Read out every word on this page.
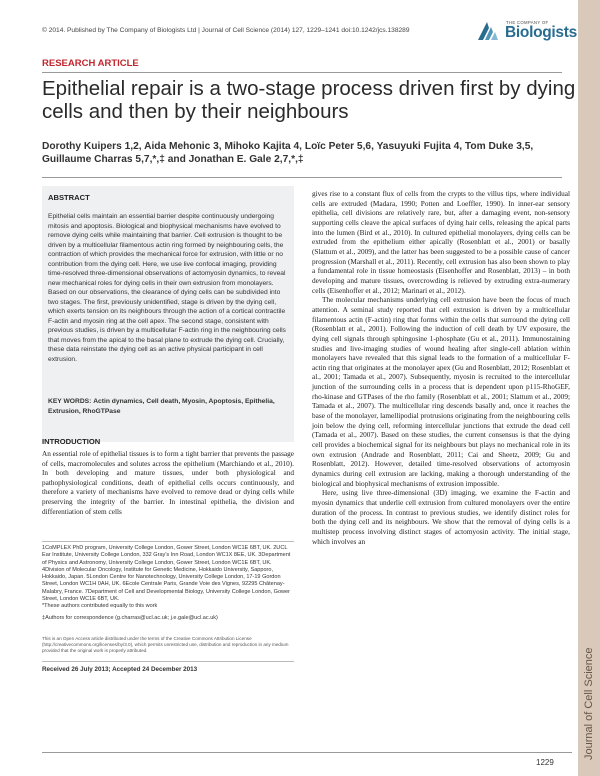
© 2014. Published by The Company of Biologists Ltd | Journal of Cell Science (2014) 127, 1229–1241 doi:10.1242/jcs.138289
THE COMPANY OF
Biologists
RESEARCH ARTICLE
Epithelial repair is a two-stage process driven first by dying cells and then by their neighbours
Dorothy Kuipers 1,2, Aida Mehonic 3, Mihoko Kajita 4, Loïc Peter 5,6, Yasuyuki Fujita 4, Tom Duke 3,5,
Guillaume Charras 5,7,*,‡ and Jonathan E. Gale 2,7,*,‡
ABSTRACT
Epithelial cells maintain an essential barrier despite continuously undergoing mitosis and apoptosis. Biological and biophysical mechanisms have evolved to remove dying cells while maintaining that barrier. Cell extrusion is thought to be driven by a multicellular filamentous actin ring formed by neighbouring cells, the contraction of which provides the mechanical force for extrusion, with little or no contribution from the dying cell. Here, we use live confocal imaging, providing time-resolved three-dimensional observations of actomyosin dynamics, to reveal new mechanical roles for dying cells in their own extrusion from monolayers. Based on our observations, the clearance of dying cells can be subdivided into two stages. The first, previously unidentified, stage is driven by the dying cell, which exerts tension on its neighbours through the action of a cortical contractile F-actin and myosin ring at the cell apex. The second stage, consistent with previous studies, is driven by a multicellular F-actin ring in the neighbouring cells that moves from the apical to the basal plane to extrude the dying cell. Crucially, these data reinstate the dying cell as an active physical participant in cell extrusion.
KEY WORDS: Actin dynamics, Cell death, Myosin, Apoptosis, Epithelia, Extrusion, RhoGTPase
INTRODUCTION
An essential role of epithelial tissues is to form a tight barrier that prevents the passage of cells, macromolecules and solutes across the epithelium (Marchiando et al., 2010). In both developing and mature tissues, under both physiological and pathophysiological conditions, death of epithelial cells occurs continuously, and therefore a variety of mechanisms have evolved to remove dead or dying cells while preserving the integrity of the barrier. In intestinal epithelia, the division and differentiation of stem cells
1CoMPLEX PhD program, University College London, Gower Street, London WC1E 6BT, UK. 2UCL Ear Institute, University College London, 332 Gray's Inn Road, London WC1X 8EE, UK. 3Department of Physics and Astronomy, University College London, Gower Street, London WC1E 6BT, UK. 4Division of Molecular Oncology, Institute for Genetic Medicine, Hokkaido University, Sapporo, Hokkaido, Japan. 5London Centre for Nanotechnology, University College London, 17-19 Gordon Street, London WC1H 0AH, UK. 6Ecole Centrale Paris, Grande Voie des Vignes, 92295 Châtenay-Malabry, France. 7Department of Cell and Developmental Biology, University College London, Gower Street, London WC1E 6BT, UK.
*These authors contributed equally to this work
‡Authors for correspondence (g.charras@ucl.ac.uk; j.e.gale@ucl.ac.uk)
This is an Open Access article distributed under the terms of the Creative Commons Attribution License (http://creativecommons.org/licenses/by/3.0), which permits unrestricted use, distribution and reproduction in any medium provided that the original work is properly attributed.
Received 26 July 2013; Accepted 24 December 2013

gives rise to a constant flux of cells from the crypts to the villus tips, where individual cells are extruded (Madara, 1990; Potten and Loeffler, 1990). In inner-ear sensory epithelia, cell divisions are relatively rare, but, after a damaging event, non-sensory supporting cells cleave the apical surfaces of dying hair cells, releasing the apical parts into the lumen (Bird et al., 2010). In cultured epithelial monolayers, dying cells can be extruded from the epithelium either apically (Rosenblatt et al., 2001) or basally (Slattum et al., 2009), and the latter has been suggested to be a possible cause of cancer progression (Marshall et al., 2011). Recently, cell extrusion has also been shown to play a fundamental role in tissue homeostasis (Eisenhoffer and Rosenblatt, 2013) – in both developing and mature tissues, overcrowding is relieved by extruding extra-numerary cells (Eisenhoffer et al., 2012; Marinari et al., 2012).

The molecular mechanisms underlying cell extrusion have been the focus of much attention. A seminal study reported that cell extrusion is driven by a multicellular filamentous actin (F-actin) ring that forms within the cells that surround the dying cell (Rosenblatt et al., 2001). Following the induction of cell death by UV exposure, the dying cell signals through sphingosine 1-phosphate (Gu et al., 2011). Immunostaining studies and live-imaging studies of wound healing after single-cell ablation within monolayers have revealed that this signal leads to the formation of a multicellular F-actin ring that originates at the monolayer apex (Gu and Rosenblatt, 2012; Rosenblatt et al., 2001; Tamada et al., 2007). Subsequently, myosin is recruited to the intercellular junction of the surrounding cells in a process that is dependent upon p115-RhoGEF, rho-kinase and GTPases of the rho family (Rosenblatt et al., 2001; Slattum et al., 2009; Tamada et al., 2007). The multicellular ring descends basally and, once it reaches the base of the monolayer, lamellipodial protrusions originating from the neighbouring cells join below the dying cell, reforming intercellular junctions that extrude the dead cell (Tamada et al., 2007). Based on these studies, the current consensus is that the dying cell provides a biochemical signal for its neighbours but plays no mechanical role in its own extrusion (Andrade and Rosenblatt, 2011; Cai and Sheetz, 2009; Gu and Rosenblatt, 2012). However, detailed time-resolved observations of actomyosin dynamics during cell extrusion are lacking, making a thorough understanding of the biological and biophysical mechanisms of extrusion impossible.

Here, using live three-dimensional (3D) imaging, we examine the F-actin and myosin dynamics that underlie cell extrusion from cultured monolayers over the entire duration of the process. In contrast to previous studies, we identify distinct roles for both the dying cell and its neighbours. We show that the removal of dying cells is a multistep process involving distinct stages of actomyosin activity. The initial stage, which involves an

1229
Journal of Cell Science
